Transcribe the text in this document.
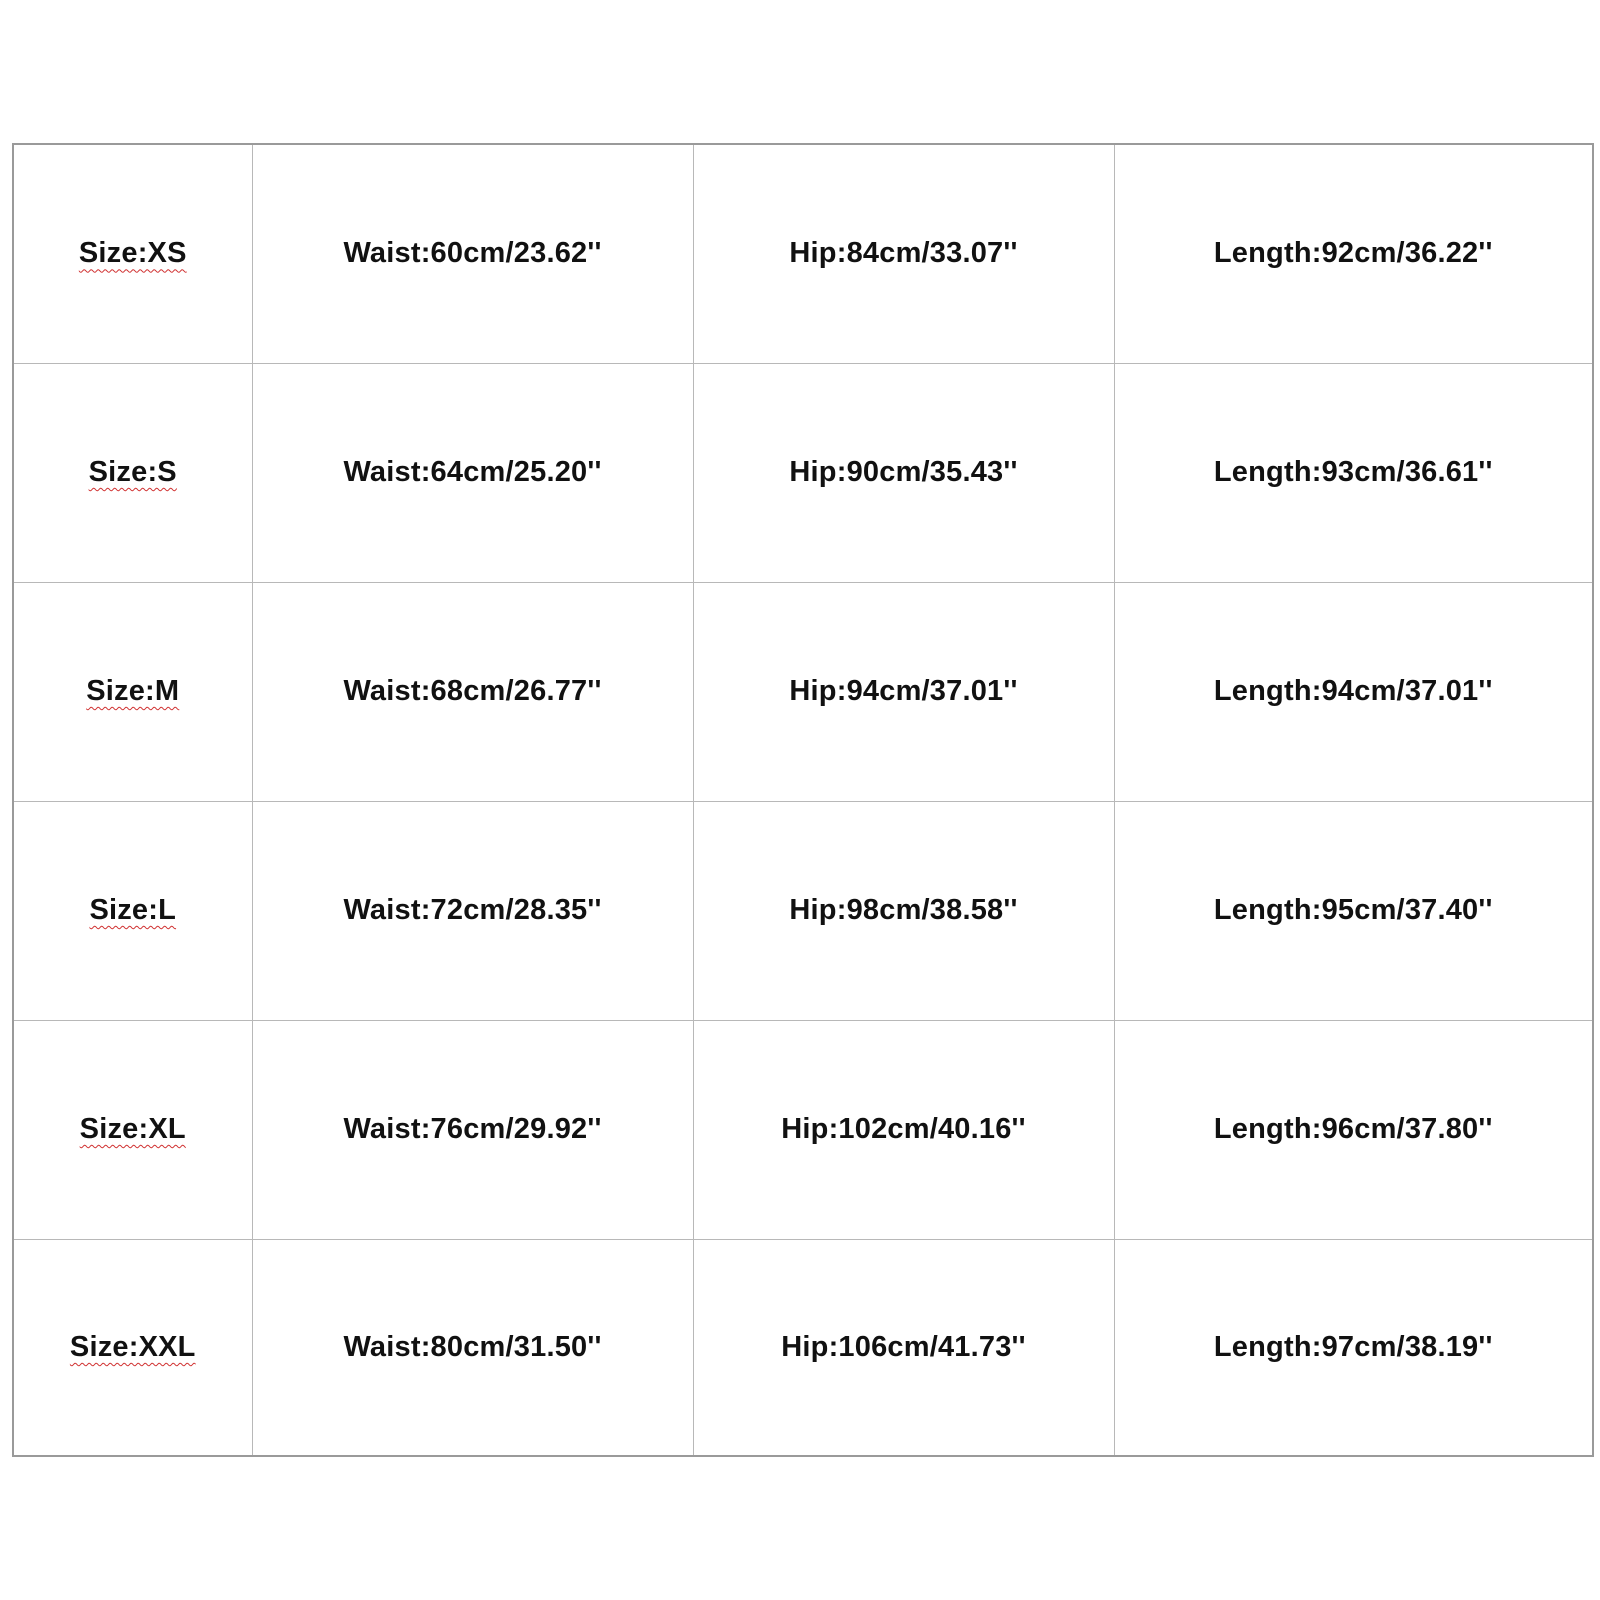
Size:XS	Waist:60cm/23.62''	Hip:84cm/33.07''	Length:92cm/36.22''
Size:S	Waist:64cm/25.20''	Hip:90cm/35.43''	Length:93cm/36.61''
Size:M	Waist:68cm/26.77''	Hip:94cm/37.01''	Length:94cm/37.01''
Size:L	Waist:72cm/28.35''	Hip:98cm/38.58''	Length:95cm/37.40''
Size:XL	Waist:76cm/29.92''	Hip:102cm/40.16''	Length:96cm/37.80''
Size:XXL	Waist:80cm/31.50''	Hip:106cm/41.73''	Length:97cm/38.19''
